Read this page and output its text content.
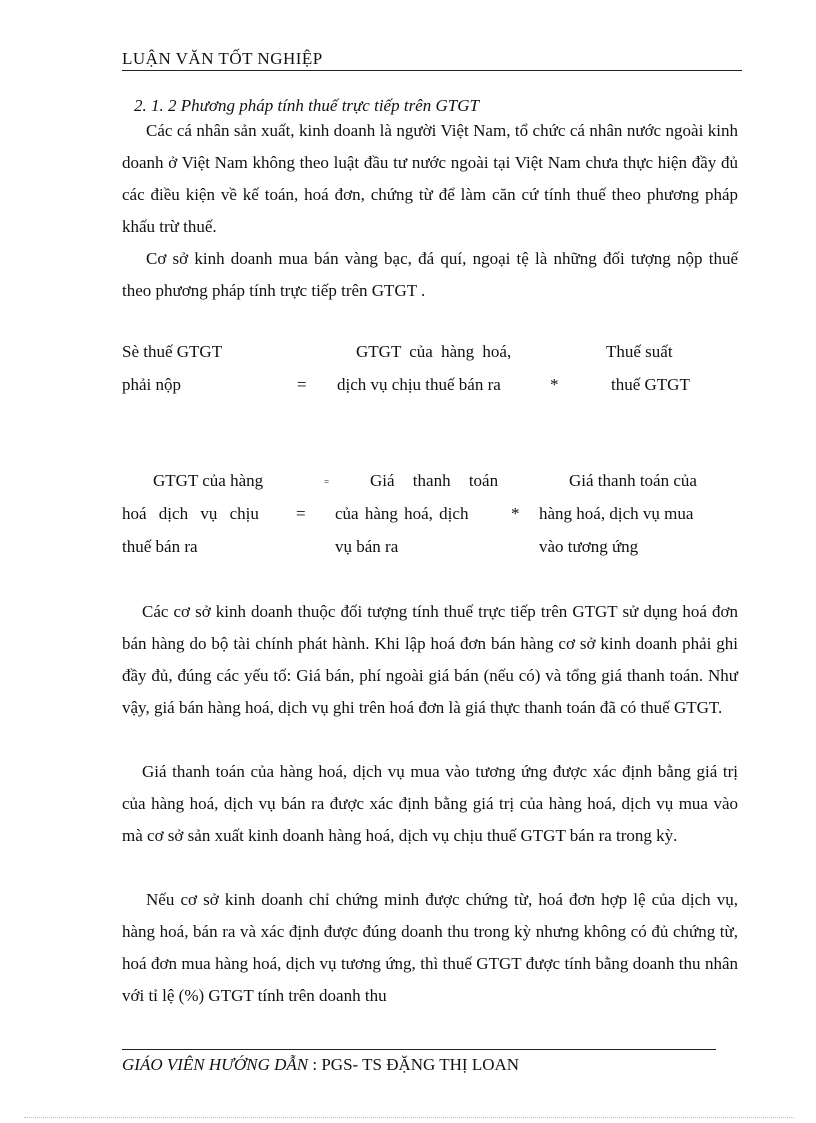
LUẬN VĂN TỐT NGHIỆP
2. 1. 2 Phương pháp tính thuế trực tiếp trên GTGT

Các cá nhân sản xuất, kinh doanh là người Việt Nam, tổ chức cá nhân nước ngoài kinh doanh ở Việt Nam không theo luật đầu tư nước ngoài tại Việt Nam chưa thực hiện đầy đủ các điều kiện về kế toán, hoá đơn, chứng từ để làm căn cứ tính thuế theo phương pháp khấu trừ thuế.

Cơ sở kinh doanh mua bán vàng bạc, đá quí, ngoại tệ là những đối tượng nộp thuế theo phương pháp tính trực tiếp trên GTGT .

Sè thuế GTGT
phải nộp	=
GTGT của hàng hoá,
dịch vụ chịu thuế bán ra	*
Thuế suất
thuế GTGT
GTGT của hàng
hoá dịch vụ chịu
thuế bán ra
=
=
Giá thanh toán
của hàng hoá, dịch
vụ bán ra
*
Giá thanh toán của
hàng hoá, dịch vụ mua
vào tương ứng

Các cơ sở kinh doanh thuộc đối tượng tính thuế trực tiếp trên GTGT sử dụng hoá đơn bán hàng do bộ tài chính phát hành. Khi lập hoá đơn bán hàng cơ sở kinh doanh phải ghi đầy đủ, đúng các yếu tố: Giá bán, phí ngoài giá bán (nếu có) và tổng giá thanh toán. Như vậy, giá bán hàng hoá, dịch vụ ghi trên hoá đơn là giá thực thanh toán đã có thuế GTGT.

Giá thanh toán của hàng hoá, dịch vụ mua vào tương ứng được xác định bằng giá trị của hàng hoá, dịch vụ bán ra được xác định bằng giá trị của hàng hoá, dịch vụ mua vào mà cơ sở sản xuất kinh doanh hàng hoá, dịch vụ chịu thuế GTGT bán ra trong kỳ.

Nếu cơ sở kinh doanh chỉ chứng minh được chứng từ, hoá đơn hợp lệ của dịch vụ, hàng hoá, bán ra và xác định được đúng doanh thu trong kỳ nhưng không có đủ chứng từ, hoá đơn mua hàng hoá, dịch vụ tương ứng, thì thuế GTGT được tính bằng doanh thu nhân với tỉ lệ (%) GTGT tính trên doanh thu

GIÁO VIÊN HƯỚNG DẪN : PGS- TS ĐẶNG THỊ LOAN
